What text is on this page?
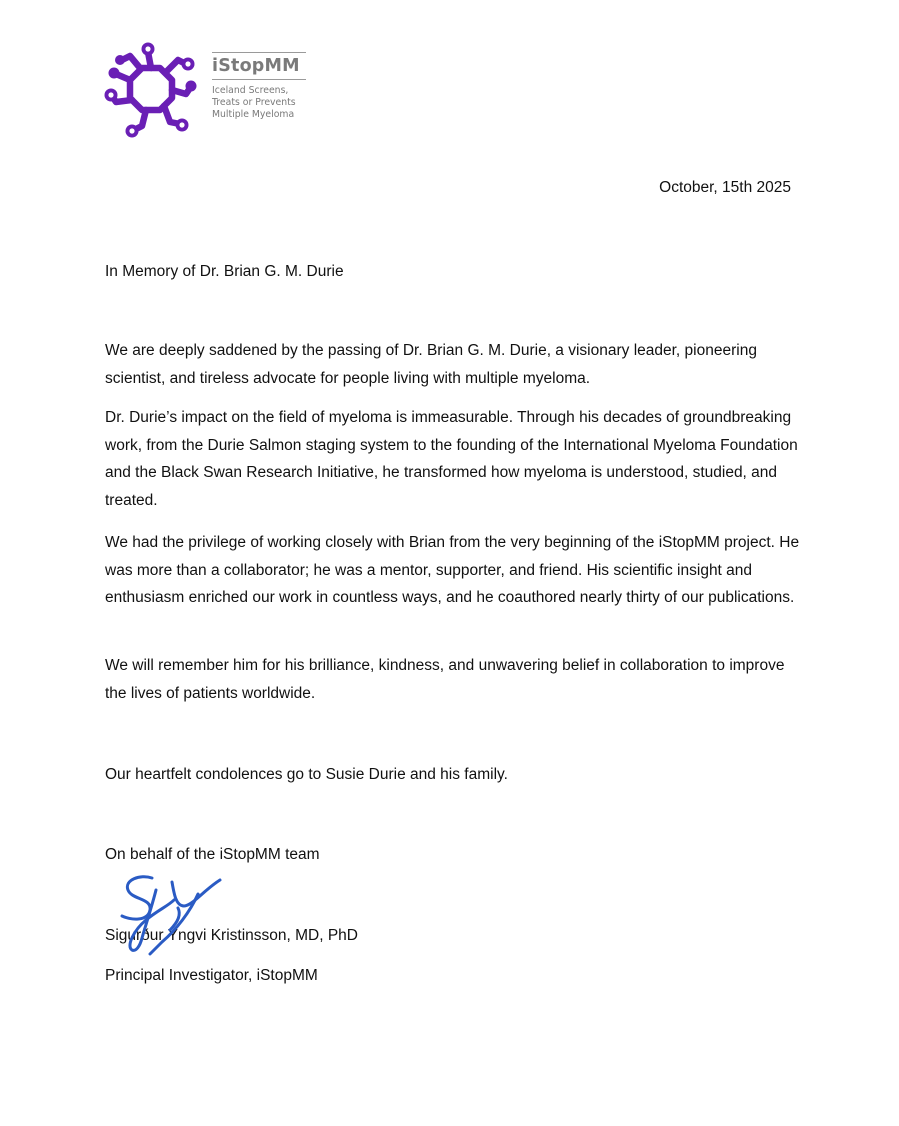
iStopMM
Iceland Screens,
Treats or Prevents
Multiple Myeloma
October, 15th 2025

In Memory of Dr. Brian G. M. Durie

We are deeply saddened by the passing of Dr. Brian G. M. Durie, a visionary leader, pioneering scientist, and tireless advocate for people living with multiple myeloma.

Dr. Durie’s impact on the field of myeloma is immeasurable. Through his decades of groundbreaking work, from the Durie Salmon staging system to the founding of the International Myeloma Foundation and the Black Swan Research Initiative, he transformed how myeloma is understood, studied, and treated.

We had the privilege of working closely with Brian from the very beginning of the iStopMM project. He was more than a collaborator; he was a mentor, supporter, and friend. His scientific insight and enthusiasm enriched our work in countless ways, and he coauthored nearly thirty of our publications.

We will remember him for his brilliance, kindness, and unwavering belief in collaboration to improve the lives of patients worldwide.

Our heartfelt condolences go to Susie Durie and his family.

On behalf of the iStopMM team

Sigurður Yngvi Kristinsson, MD, PhD

Principal Investigator, iStopMM
